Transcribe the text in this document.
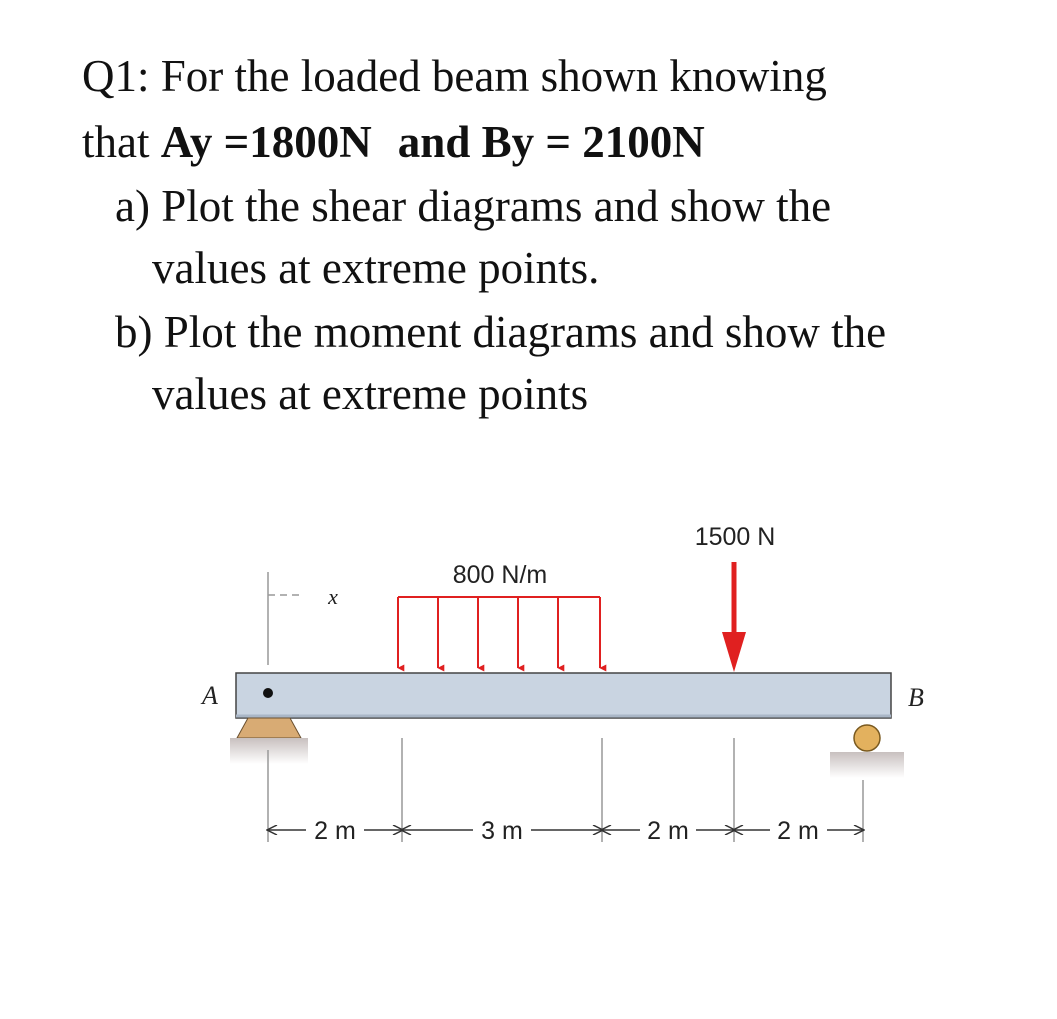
Q1: For the loaded beam shown knowing
that Ay =1800N and By = 2100N
a) Plot the shear diagrams and show the
values at extreme points.
b) Plot the moment diagrams and show the
values at extreme points
x
800 N/m
1500 N
A	B
2 m	3 m	2 m	2 m
